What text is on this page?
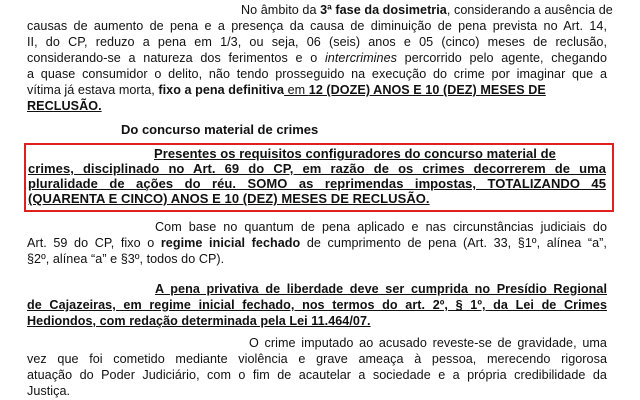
No âmbito da 3ª fase da dosimetria, considerando a ausência de
causas de aumento de pena e a presença da causa de diminuição de pena prevista no Art. 14,
II, do CP, reduzo a pena em 1/3, ou seja, 06 (seis) anos e 05 (cinco) meses de reclusão,
considerando-se a natureza dos ferimentos e o intercrimines percorrido pelo agente, chegando
a quase consumidor o delito, não tendo prosseguido na execução do crime por imaginar que a
vítima já estava morta, fixo a pena definitiva em 12 (DOZE) ANOS E 10 (DEZ) MESES DE
RECLUSÃO.
Do concurso material de crimes
Presentes os requisitos configuradores do concurso material de
crimes, disciplinado no Art. 69 do CP, em razão de os crimes decorrerem de uma
pluralidade de ações do réu. SOMO as reprimendas impostas, TOTALIZANDO 45
(QUARENTA E CINCO) ANOS E 10 (DEZ) MESES DE RECLUSÃO.
Com base no quantum de pena aplicado e nas circunstâncias judiciais do
Art. 59 do CP, fixo o regime inicial fechado de cumprimento de pena (Art. 33, §1º, alínea “a”,
§2º, alínea “a” e §3º, todos do CP).
A pena privativa de liberdade deve ser cumprida no Presídio Regional
de Cajazeiras, em regime inicial fechado, nos termos do art. 2º, § 1º, da Lei de Crimes
Hediondos, com redação determinada pela Lei 11.464/07.
O crime imputado ao acusado reveste-se de gravidade, uma
vez que foi cometido mediante violência e grave ameaça à pessoa, merecendo rigorosa
atuação do Poder Judiciário, com o fim de acautelar a sociedade e a própria credibilidade da
Justiça.
